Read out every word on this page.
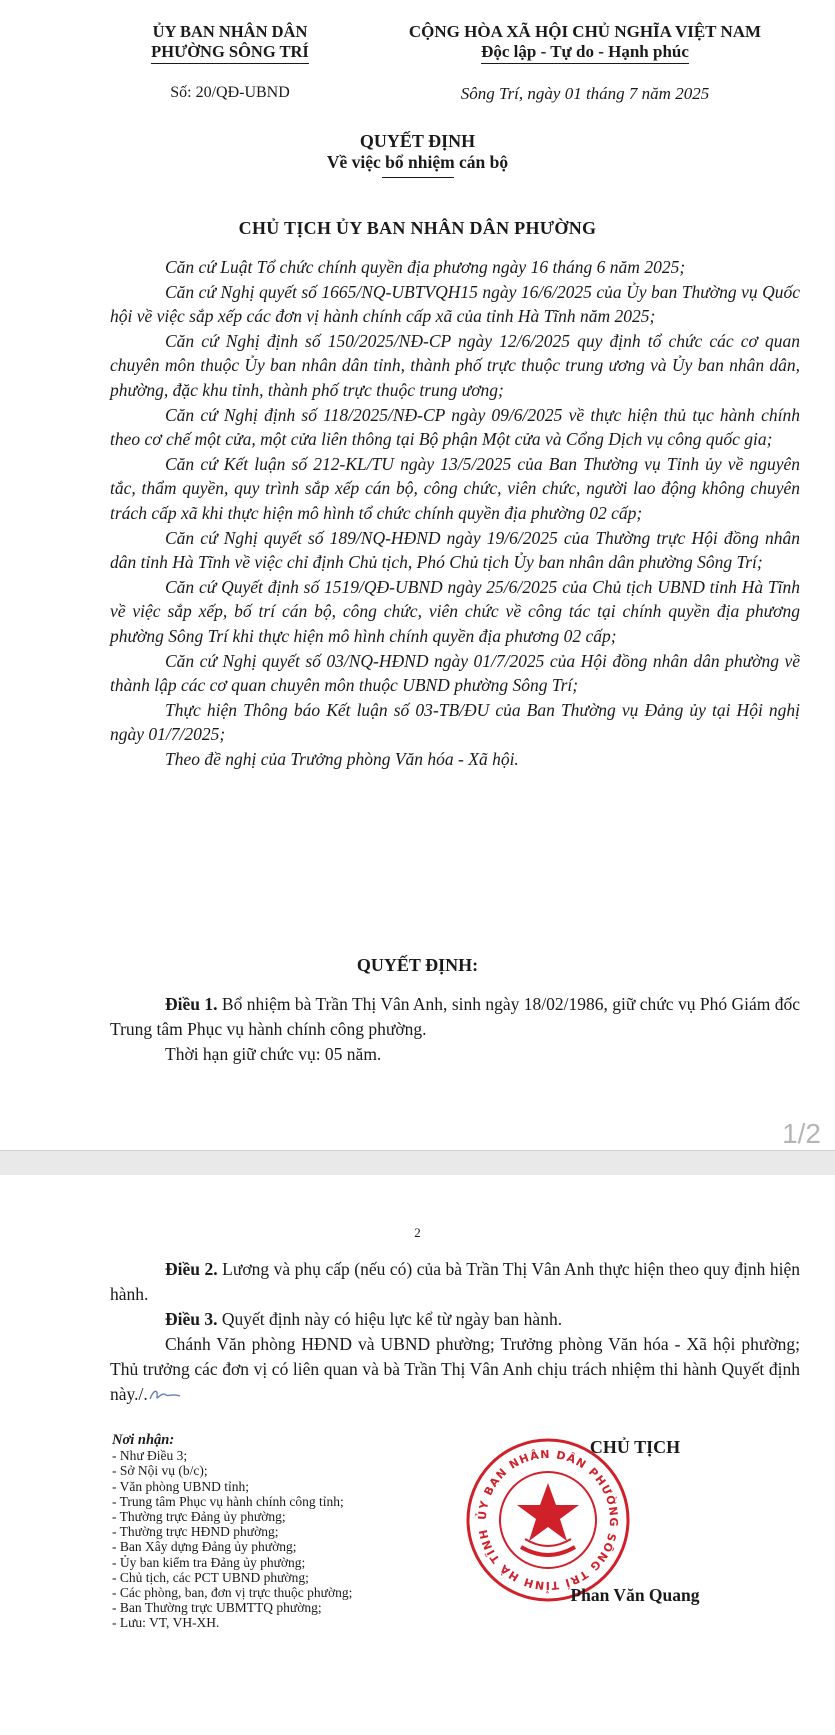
ỦY BAN NHÂN DÂN
PHƯỜNG SÔNG TRÍ
CỘNG HÒA XÃ HỘI CHỦ NGHĨA VIỆT NAM
Độc lập - Tự do - Hạnh phúc
Số: 20/QĐ-UBND	Sông Trí, ngày 01 tháng 7 năm 2025
QUYẾT ĐỊNH
Về việc bổ nhiệm cán bộ
CHỦ TỊCH ỦY BAN NHÂN DÂN PHƯỜNG

Căn cứ Luật Tổ chức chính quyền địa phương ngày 16 tháng 6 năm 2025;

Căn cứ Nghị quyết số 1665/NQ-UBTVQH15 ngày 16/6/2025 của Ủy ban Thường vụ Quốc hội về việc sắp xếp các đơn vị hành chính cấp xã của tỉnh Hà Tĩnh năm 2025;

Căn cứ Nghị định số 150/2025/NĐ-CP ngày 12/6/2025 quy định tổ chức các cơ quan chuyên môn thuộc Ủy ban nhân dân tỉnh, thành phố trực thuộc trung ương và Ủy ban nhân dân, phường, đặc khu tỉnh, thành phố trực thuộc trung ương;

Căn cứ Nghị định số 118/2025/NĐ-CP ngày 09/6/2025 về thực hiện thủ tục hành chính theo cơ chế một cửa, một cửa liên thông tại Bộ phận Một cửa và Cổng Dịch vụ công quốc gia;

Căn cứ Kết luận số 212-KL/TU ngày 13/5/2025 của Ban Thường vụ Tỉnh ủy về nguyên tắc, thẩm quyền, quy trình sắp xếp cán bộ, công chức, viên chức, người lao động không chuyên trách cấp xã khi thực hiện mô hình tổ chức chính quyền địa phường 02 cấp;

Căn cứ Nghị quyết số 189/NQ-HĐND ngày 19/6/2025 của Thường trực Hội đồng nhân dân tỉnh Hà Tĩnh về việc chỉ định Chủ tịch, Phó Chủ tịch Ủy ban nhân dân phường Sông Trí;

Căn cứ Quyết định số 1519/QĐ-UBND ngày 25/6/2025 của Chủ tịch UBND tỉnh Hà Tĩnh về việc sắp xếp, bố trí cán bộ, công chức, viên chức về công tác tại chính quyền địa phương phường Sông Trí khi thực hiện mô hình chính quyền địa phương 02 cấp;

Căn cứ Nghị quyết số 03/NQ-HĐND ngày 01/7/2025 của Hội đồng nhân dân phường về thành lập các cơ quan chuyên môn thuộc UBND phường Sông Trí;

Thực hiện Thông báo Kết luận số 03-TB/ĐU của Ban Thường vụ Đảng ủy tại Hội nghị ngày 01/7/2025;

Theo đề nghị của Trưởng phòng Văn hóa - Xã hội.

QUYẾT ĐỊNH:

Điều 1. Bổ nhiệm bà Trần Thị Vân Anh, sinh ngày 18/02/1986, giữ chức vụ Phó Giám đốc Trung tâm Phục vụ hành chính công phường.

Thời hạn giữ chức vụ: 05 năm.

1/2
2

Điều 2. Lương và phụ cấp (nếu có) của bà Trần Thị Vân Anh thực hiện theo quy định hiện hành.

Điều 3. Quyết định này có hiệu lực kể từ ngày ban hành.

Chánh Văn phòng HĐND và UBND phường; Trưởng phòng Văn hóa - Xã hội phường; Thủ trưởng các đơn vị có liên quan và bà Trần Thị Vân Anh chịu trách nhiệm thi hành Quyết định này./.

Nơi nhận:
- Như Điều 3;
- Sở Nội vụ (b/c);
- Văn phòng UBND tỉnh;
- Trung tâm Phục vụ hành chính công tỉnh;
- Thường trực Đảng ủy phường;
- Thường trực HĐND phường;
- Ban Xây dựng Đảng ủy phường;
- Ủy ban kiểm tra Đảng ủy phường;
- Chủ tịch, các PCT UBND phường;
- Các phòng, ban, đơn vị trực thuộc phường;
- Ban Thường trực UBMTTQ phường;
- Lưu: VT, VH-XH.
ỦY BAN NHÂN DÂN PHƯỜNG SÔNG TRÍ TỈNH HÀ TĨNH
CHỦ TỊCH
Phan Văn Quang
